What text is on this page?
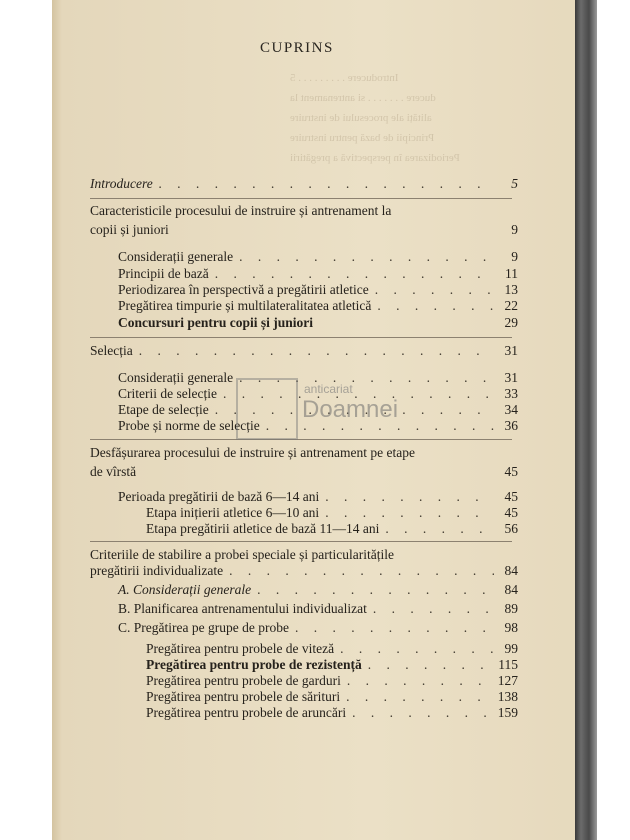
Introducere . . . . . . . . . 5
ducere . . . . . . . si antrenament la
alități ale procesului de instruire
Principii de bază pentru instruire
Periodizarea în perspectivă a pregătirii
CUPRINS
Introducere . . .	5
Caracteristicile procesului de instruire și antrenament la
copii și juniori	9
Considerații generale . . .	9
Principii de bază . . .	11
Periodizarea în perspectivă a pregătirii atletice . . .	13
Pregătirea timpurie și multilateralitatea atletică . . .	22
Concursuri pentru copii și juniori	29
Selecția . . .	31
Considerații generale . . .	31
Criterii de selecție . . .	33
Etape de selecție . . .	34
Probe și norme de selecție . . .	36
Desfășurarea procesului de instruire și antrenament pe etape
de vîrstă	45
Perioada pregătirii de bază 6—14 ani . . .	45
Etapa inițierii atletice 6—10 ani . . .	45
Etapa pregătirii atletice de bază 11—14 ani . . .	56
Criteriile de stabilire a probei speciale și particularitățile
pregătirii individualizate . . .	84
A. Considerații generale . . .	84
B. Planificarea antrenamentului individualizat . . .	89
C. Pregătirea pe grupe de probe . . .	98
Pregătirea pentru probele de viteză . . .	99
Pregătirea pentru probe de rezistență . . .	115
Pregătirea pentru probele de garduri . . .	127
Pregătirea pentru probele de sărituri . . .	138
Pregătirea pentru probele de aruncări . . .	159
anticariat
Doamnei
